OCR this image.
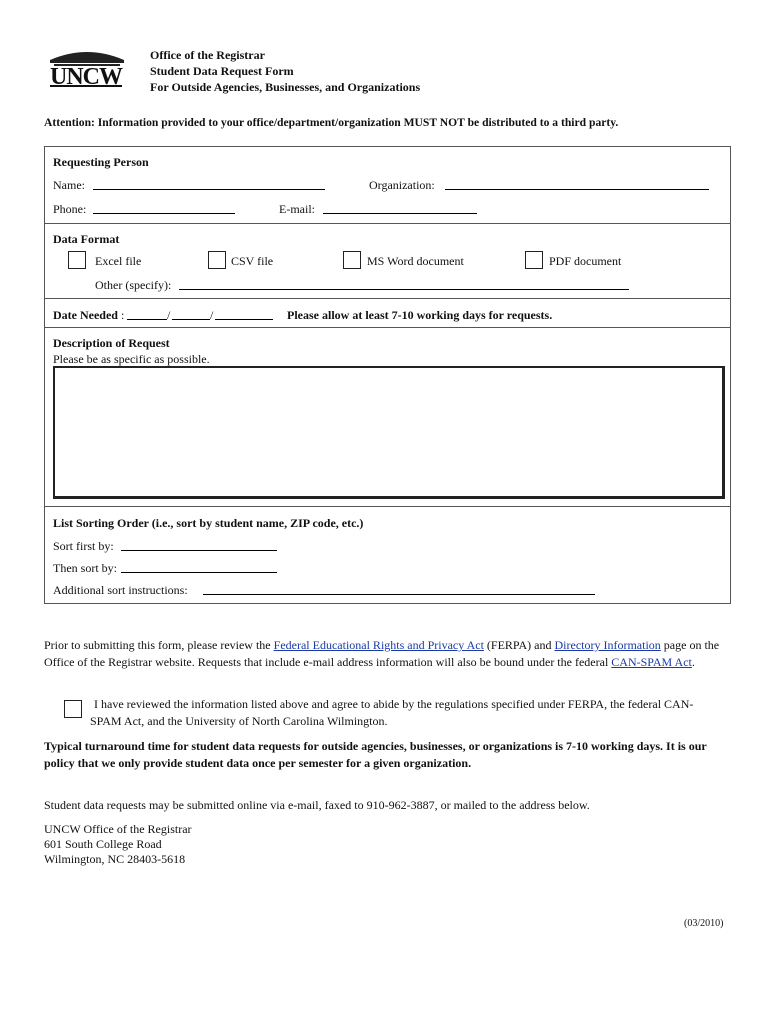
UNCW
Office of the Registrar
Student Data Request Form
For Outside Agencies, Businesses, and Organizations
Attention: Information provided to your office/department/organization MUST NOT be distributed to a third party.
Requesting Person
Name:	Organization:
Phone:	E-mail:
Data Format
Excel file	CSV file	MS Word document	PDF document
Other (specify):
Date Needed :	/	/	Please allow at least 7-10 working days for requests.
Description of Request
Please be as specific as possible.
List Sorting Order (i.e., sort by student name, ZIP code, etc.)
Sort first by:
Then sort by:
Additional sort instructions:
Prior to submitting this form, please review the Federal Educational Rights and Privacy Act (FERPA) and Directory Information page on the Office of the Registrar website. Requests that include e-mail address information will also be bound under the federal CAN-SPAM Act.
I have reviewed the information listed above and agree to abide by the regulations specified under FERPA, the federal CAN-
SPAM Act, and the University of North Carolina Wilmington.
Typical turnaround time for student data requests for outside agencies, businesses, or organizations is 7-10 working days. It is our policy that we only provide student data once per semester for a given organization.
Student data requests may be submitted online via e-mail, faxed to 910-962-3887, or mailed to the address below.
UNCW Office of the Registrar
601 South College Road
Wilmington, NC 28403-5618
(03/2010)
